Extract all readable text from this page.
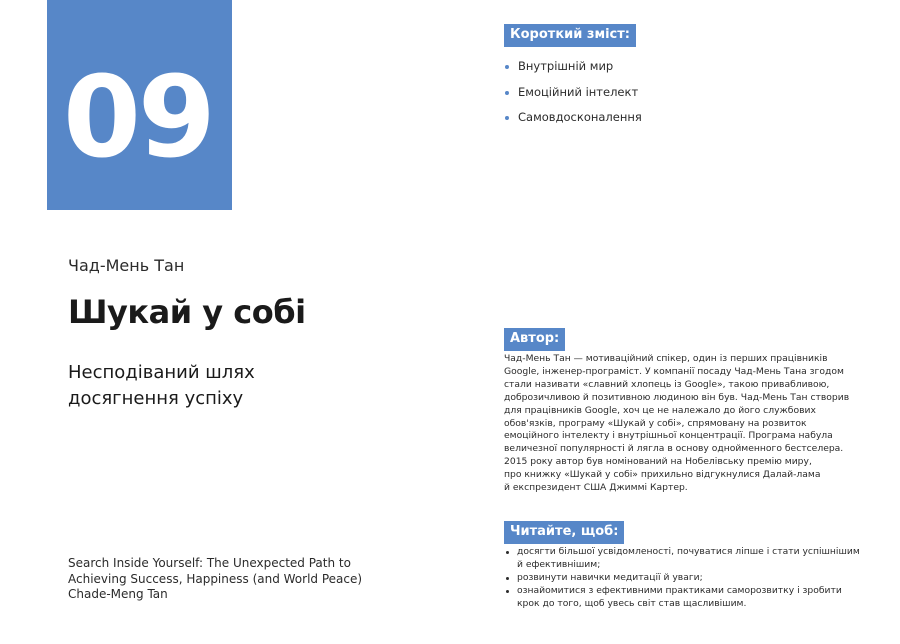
09
Чад-Мень Тан
Шукай у собі
Несподіваний шлях
досягнення успіху
Search Inside Yourself: The Unexpected Path to
Achieving Success, Happiness (and World Peace)
Chade-Meng Tan
Короткий зміст:
Внутрішній мир
Емоційний інтелект
Самовдосконалення
Автор:
Чад-Мень Тан — мотиваційний спікер, один із перших працівників
Google, інженер-програміст. У компанії посаду Чад-Мень Тана згодом
стали називати «славний хлопець із Google», такою привабливою,
доброзичливою й позитивною людиною він був. Чад-Мень Тан створив
для працівників Google, хоч це не належало до його службових
обов'язків, програму «Шукай у собі», спрямовану на розвиток
емоційного інтелекту і внутрішньої концентрації. Програма набула
величезної популярності й лягла в основу однойменного бестселера.
2015 року автор був номінований на Нобелівську премію миру,
про книжку «Шукай у собі» прихильно відгукнулися Далай-лама
й експрезидент США Джиммі Картер.
Читайте, щоб:
досягти більшої усвідомленості, почуватися ліпше і стати успішнішим
й ефективнішим;
розвинути навички медитації й уваги;
ознайомитися з ефективними практиками саморозвитку і зробити
крок до того, щоб увесь світ став щасливішим.
